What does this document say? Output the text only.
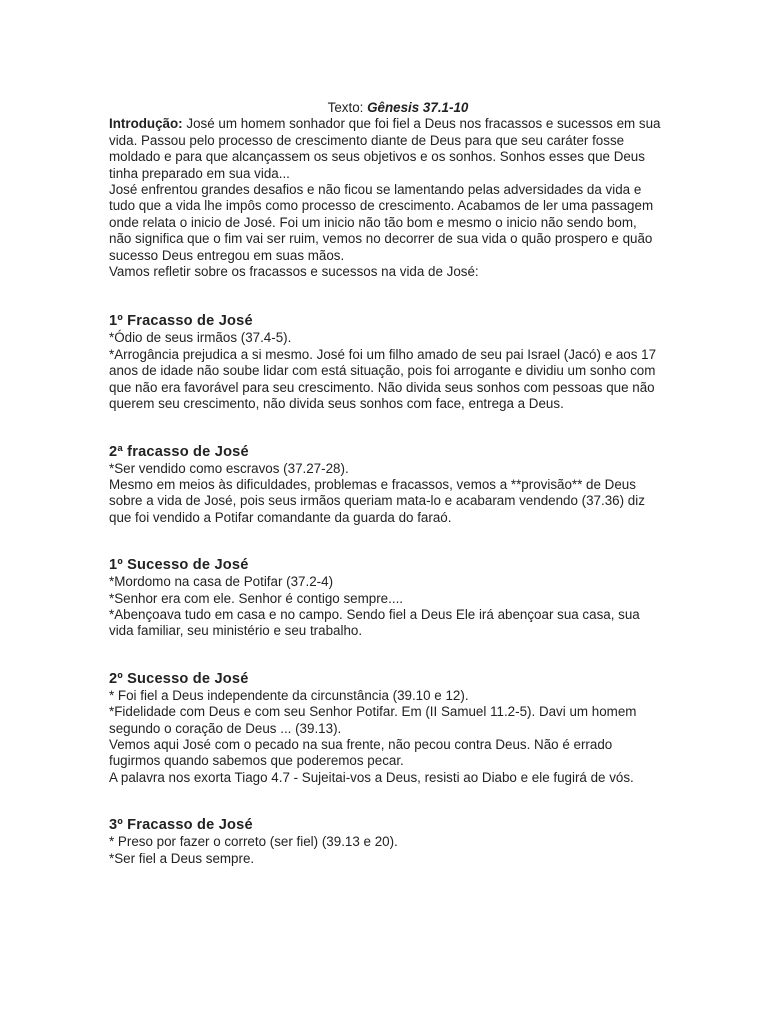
Texto: Gênesis 37.1-10

Introdução: José um homem sonhador que foi fiel a Deus nos fracassos e sucessos em sua vida. Passou pelo processo de crescimento diante de Deus para que seu caráter fosse moldado e para que alcançassem os seus objetivos e os sonhos. Sonhos esses que Deus tinha preparado em sua vida...

José enfrentou grandes desafios e não ficou se lamentando pelas adversidades da vida e tudo que a vida lhe impôs como processo de crescimento. Acabamos de ler uma passagem onde relata o inicio de José. Foi um inicio não tão bom e mesmo o inicio não sendo bom, não significa que o fim vai ser ruim, vemos no decorrer de sua vida o quão prospero e quão sucesso Deus entregou em suas mãos.

Vamos refletir sobre os fracassos e sucessos na vida de José:

1º Fracasso de José

*Ódio de seus irmãos (37.4-5).

*Arrogância prejudica a si mesmo. José foi um filho amado de seu pai Israel (Jacó) e aos 17 anos de idade não soube lidar com está situação, pois foi arrogante e dividiu um sonho com que não era favorável para seu crescimento. Não divida seus sonhos com pessoas que não querem seu crescimento, não divida seus sonhos com face, entrega a Deus.

2ª fracasso de José

*Ser vendido como escravos (37.27-28).

Mesmo em meios às dificuldades, problemas e fracassos, vemos a **provisão** de Deus sobre a vida de José, pois seus irmãos queriam mata-lo e acabaram vendendo (37.36) diz que foi vendido a Potifar comandante da guarda do faraó.

1º Sucesso de José

*Mordomo na casa de Potifar (37.2-4)

*Senhor era com ele. Senhor é contigo sempre....

*Abençoava tudo em casa e no campo. Sendo fiel a Deus Ele irá abençoar sua casa, sua vida familiar, seu ministério e seu trabalho.

2º Sucesso de José

* Foi fiel a Deus independente da circunstância (39.10 e 12).

*Fidelidade com Deus e com seu Senhor Potifar. Em (II Samuel 11.2-5). Davi um homem segundo o coração de Deus ... (39.13).

Vemos aqui José com o pecado na sua frente, não pecou contra Deus. Não é errado fugirmos quando sabemos que poderemos pecar.

A palavra nos exorta Tiago 4.7 - Sujeitai-vos a Deus, resisti ao Diabo e ele fugirá de vós.

3º Fracasso de José

* Preso por fazer o correto (ser fiel) (39.13 e 20).

*Ser fiel a Deus sempre.
